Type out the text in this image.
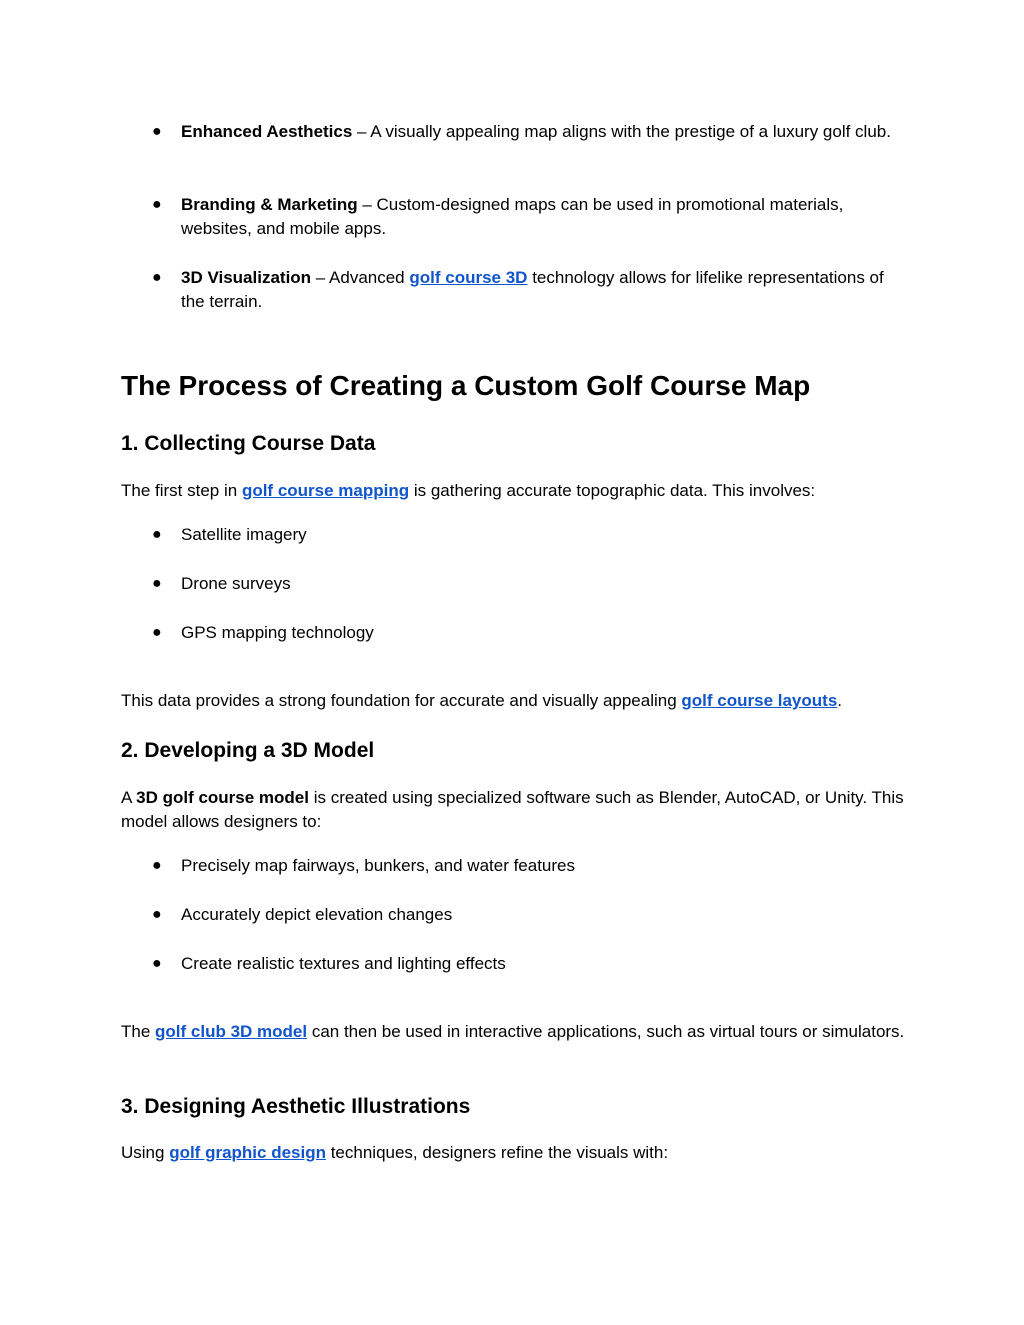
● Enhanced Aesthetics – A visually appealing map aligns with the prestige of a luxury golf club.
● Branding & Marketing – Custom-designed maps can be used in promotional materials, websites, and mobile apps.
● 3D Visualization – Advanced golf course 3D technology allows for lifelike representations of the terrain.
The Process of Creating a Custom Golf Course Map
1. Collecting Course Data
The first step in golf course mapping is gathering accurate topographic data. This involves:
● Satellite imagery
● Drone surveys
● GPS mapping technology
This data provides a strong foundation for accurate and visually appealing golf course layouts.
2. Developing a 3D Model
A 3D golf course model is created using specialized software such as Blender, AutoCAD, or Unity. This model allows designers to:
● Precisely map fairways, bunkers, and water features
● Accurately depict elevation changes
● Create realistic textures and lighting effects
The golf club 3D model can then be used in interactive applications, such as virtual tours or simulators.
3. Designing Aesthetic Illustrations
Using golf graphic design techniques, designers refine the visuals with:
